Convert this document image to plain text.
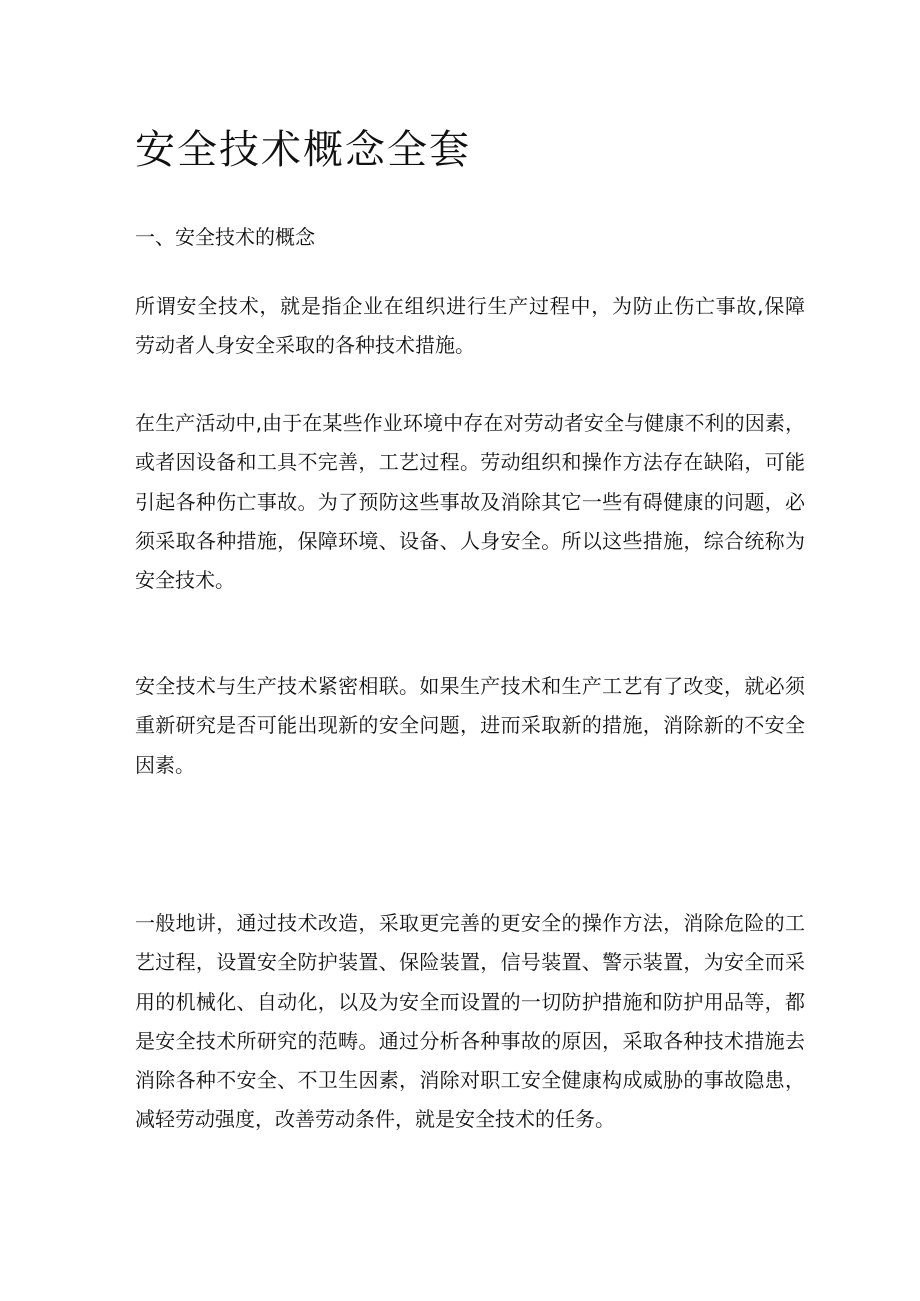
安全技术概念全套
一、安全技术的概念

所谓安全技术，就是指企业在组织进行生产过程中，为防止伤亡事故,保障
劳动者人身安全采取的各种技术措施。

在生产活动中,由于在某些作业环境中存在对劳动者安全与健康不利的因素，
或者因设备和工具不完善，工艺过程。劳动组织和操作方法存在缺陷，可能
引起各种伤亡事故。为了预防这些事故及消除其它一些有碍健康的问题，必
须采取各种措施，保障环境、设备、人身安全。所以这些措施，综合统称为
安全技术。

安全技术与生产技术紧密相联。如果生产技术和生产工艺有了改变，就必须
重新研究是否可能出现新的安全问题，进而采取新的措施，消除新的不安全
因素。

一般地讲，通过技术改造，采取更完善的更安全的操作方法，消除危险的工
艺过程，设置安全防护装置、保险装置，信号装置、警示装置，为安全而采
用的机械化、自动化，以及为安全而设置的一切防护措施和防护用品等，都
是安全技术所研究的范畴。通过分析各种事故的原因，采取各种技术措施去
消除各种不安全、不卫生因素，消除对职工安全健康构成威胁的事故隐患，
减轻劳动强度，改善劳动条件，就是安全技术的任务。
